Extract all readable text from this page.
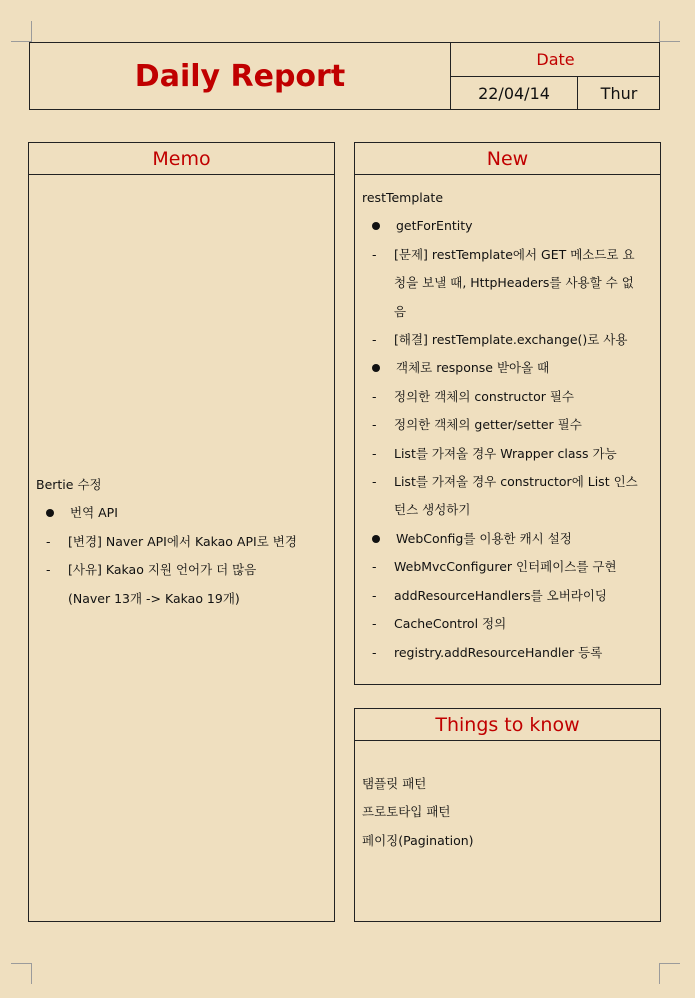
Daily Report	Date
22/04/14	Thur
Memo
Bertie 수정
번역 API
- [변경] Naver API에서 Kakao API로 변경
- [사유] Kakao 지원 언어가 더 많음
(Naver 13개 -> Kakao 19개)
New
restTemplate
getForEntity
- [문제] restTemplate에서 GET 메소드로 요
청을 보낼 때, HttpHeaders를 사용할 수 없
음
- [해결] restTemplate.exchange()로 사용
객체로 response 받아올 때
- 정의한 객체의 constructor 필수
- 정의한 객체의 getter/setter 필수
- List를 가져올 경우 Wrapper class 가능
- List를 가져올 경우 constructor에 List 인스
턴스 생성하기
WebConfig를 이용한 캐시 설정
- WebMvcConfigurer 인터페이스를 구현
- addResourceHandlers를 오버라이딩
- CacheControl 정의
- registry.addResourceHandler 등록
Things to know
탬플릿 패턴
프로토타입 패턴
페이징(Pagination)
